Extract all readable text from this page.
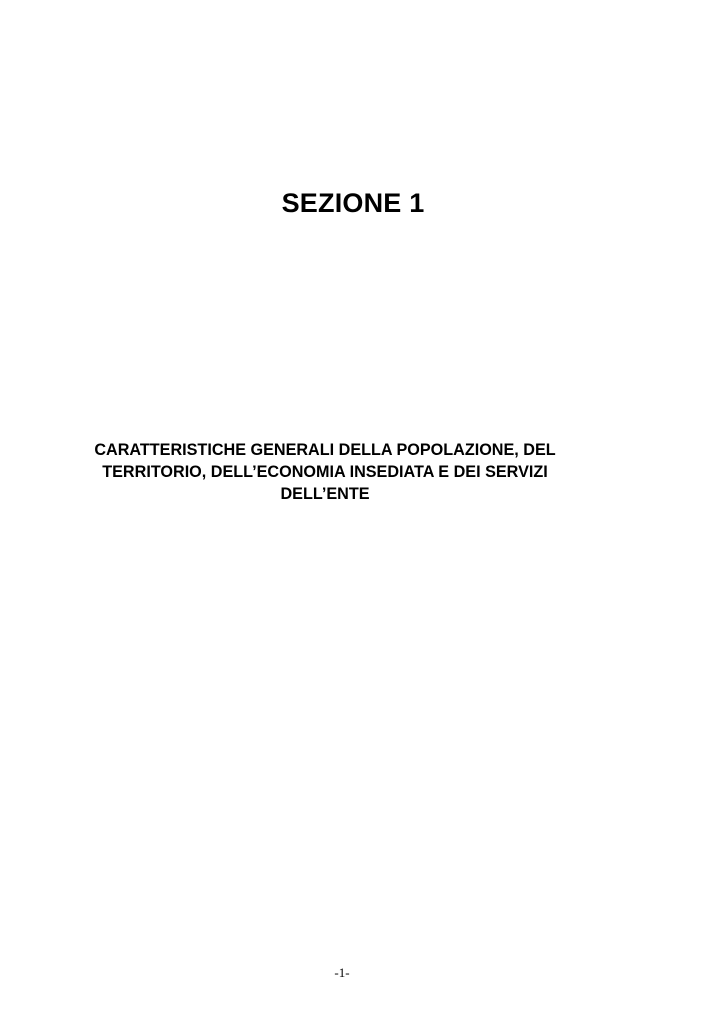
SEZIONE 1
CARATTERISTICHE GENERALI DELLA POPOLAZIONE, DEL
TERRITORIO, DELL’ECONOMIA INSEDIATA E DEI SERVIZI
DELL’ENTE
-1-
